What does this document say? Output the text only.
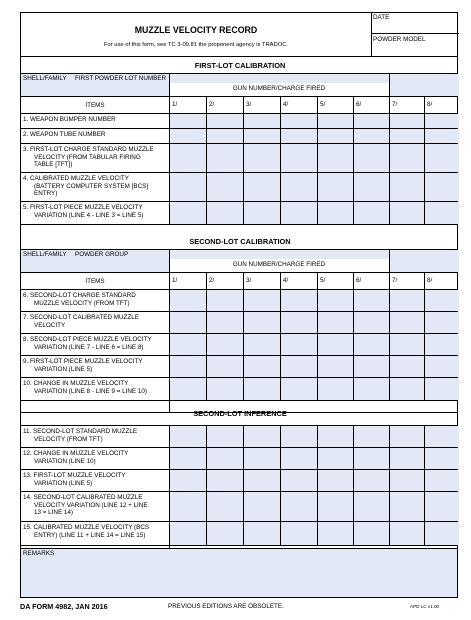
MUZZLE VELOCITY RECORD
For use of this form, see TC 3-09.81 the proponent agency is TRADOC.
DATE
POWDER MODEL
FIRST-LOT CALIBRATION
SHELL/FAMILY FIRST POWDER LOT NUMBER
GUN NUMBER/CHARGE FIRED
ITEMS	1/	2/	3/	4/	5/	6/	7/	8/
1. WEAPON BUMPER NUMBER
2. WEAPON TUBE NUMBER
3. FIRST-LOT CHARGE STANDARD MUZZLE
VELOCITY (FROM TABULAR FIRING
TABLE [TFT])
4. CALIBRATED MUZZLE VELOCITY
(BATTERY COMPUTER SYSTEM [BCS]
ENTRY)
5. FIRST-LOT PIECE MUZZLE VELOCITY
VARIATION (LINE 4 - LINE 3 = LINE 5)
SECOND-LOT CALIBRATION
SHELL/FAMILY POWDER GROUP
GUN NUMBER/CHARGE FIRED
ITEMS	1/	2/	3/	4/	5/	6/	7/	8/
6. SECOND-LOT CHARGE STANDARD
MUZZLE VELOCITY (FROM TFT)
7. SECOND-LOT CALIBRATED MUZZLE
VELOCITY
8. SECOND-LOT PIECE MUZZLE VELOCITY
VARIATION (LINE 7 - LINE 6 = LINE 8)
9. FIRST-LOT PIECE MUZZLE VELOCITY
VARIATION (LINE 5)
10. CHANGE IN MUZZLE VELOCITY
VARIATION (LINE 8 - LINE 9 = LINE 10)
SECOND-LOT INFERENCE
11. SECOND-LOT STANDARD MUZZLE
VELOCITY (FROM TFT)
12. CHANGE IN MUZZLE VELOCITY
VARIATION (LINE 10)
13. FIRST-LOT MUZZLE VELOCITY
VARIATION (LINE 5)
14. SECOND-LOT CALIBRATED MUZZLE
VELOCITY VARIATION (LINE 12 + LINE
13 = LINE 14)
15. CALIBRATED MUZZLE VELOCITY (BCS
ENTRY) (LINE 11 + LINE 14 = LINE 15)
REMARKS
DA FORM 4982, JAN 2016	PREVIOUS EDITIONS ARE OBSOLETE.	APD LC v1.00
